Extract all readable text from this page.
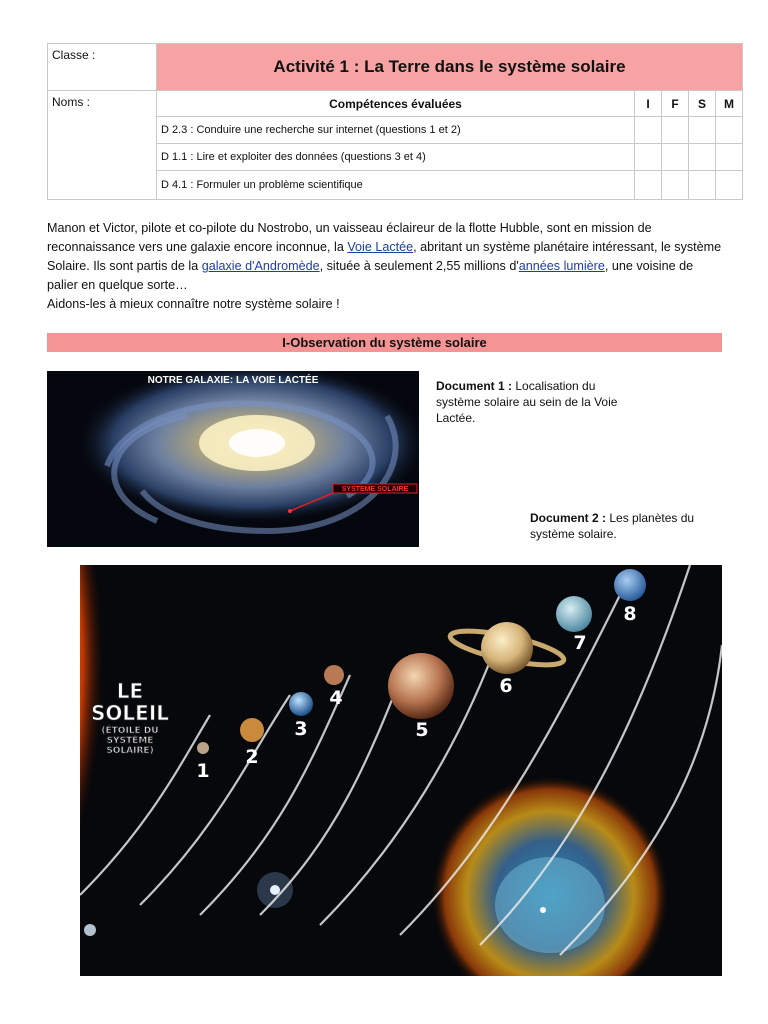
Classe :	Activité 1 : La Terre dans le système solaire				
Noms :	Compétences évaluées	I	F	S	M
	D 2.3 : Conduire une recherche sur internet (questions 1 et 2)				
	D 1.1 : Lire et exploiter des données (questions 3 et 4)				
	D 4.1 : Formuler un problème scientifique				
Manon et Victor, pilote et co-pilote du Nostrobo, un vaisseau éclaireur de la flotte Hubble, sont en mission de reconnaissance vers une galaxie encore inconnue, la Voie Lactée, abritant un système planétaire intéressant, le système Solaire. Ils sont partis de la galaxie d'Andromède, située à seulement 2,55 millions d'années lumière, une voisine de palier en quelque sorte…
Aidons-les à mieux connaître notre système solaire !
I-Observation du système solaire
NOTRE GALAXIE: LA VOIE LACTÉE
SYSTEME SOLAIRE
Document 1 : Localisation du système solaire au sein de la Voie Lactée.
Document 2 : Les planètes du système solaire.
LE
SOLEIL
(ÉTOILE DU
SYSTÈME
SOLAIRE)
1
2
3
4
5
6
7
8
